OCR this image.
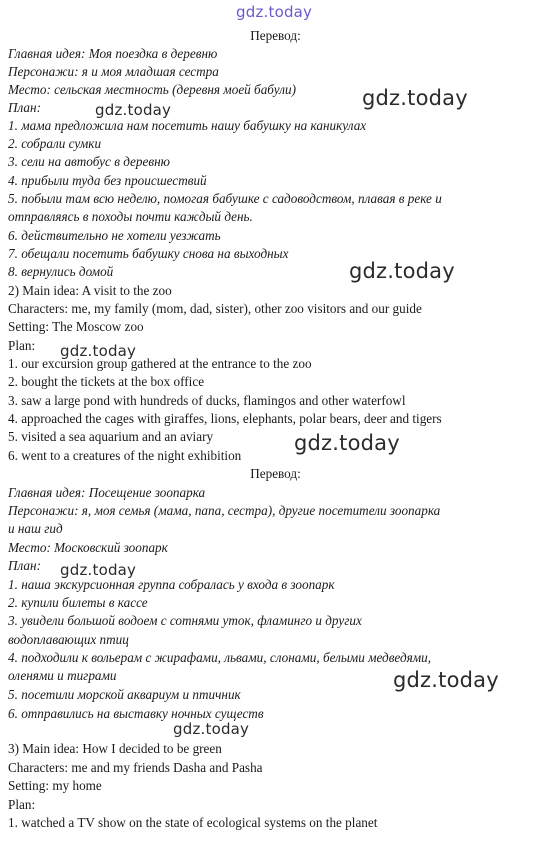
gdz.today
Перевод:
Главная идея: Моя поездка в деревню
Персонажи: я и моя младшая сестра
Место: сельская местность (деревня моей бабули)
План:
1. мама предложила нам посетить нашу бабушку на каникулах
2. собрали сумки
3. сели на автобус в деревню
4. прибыли туда без происшествий
5. побыли там всю неделю, помогая бабушке с садоводством, плавая в реке и
отправляясь в походы почти каждый день.
6. действительно не хотели уезжать
7. обещали посетить бабушку снова на выходных
8. вернулись домой
2) Main idea: A visit to the zoo
Characters: me, my family (mom, dad, sister), other zoo visitors and our guide
Setting: The Moscow zoo
Plan:
1. our excursion group gathered at the entrance to the zoo
2. bought the tickets at the box office
3. saw a large pond with hundreds of ducks, flamingos and other waterfowl
4. approached the cages with giraffes, lions, elephants, polar bears, deer and tigers
5. visited a sea aquarium and an aviary
6. went to a creatures of the night exhibition
Перевод:
Главная идея: Посещение зоопарка
Персонажи: я, моя семья (мама, папа, сестра), другие посетители зоопарка
и наш гид
Место: Московский зоопарк
План:
1. наша экскурсионная группа собралась у входа в зоопарк
2. купили билеты в кассе
3. увидели большой водоем с сотнями уток, фламинго и других
водоплавающих птиц
4. подходили к вольерам с жирафами, львами, слонами, белыми медведями,
оленями и тиграми
5. посетили морской аквариум и птичник
6. отправились на выставку ночных существ
3) Main idea: How I decided to be green
Characters: me and my friends Dasha and Pasha
Setting: my home
Plan:
1. watched a TV show on the state of ecological systems on the planet
gdz.today
gdz.today
gdz.today
gdz.today
gdz.today
gdz.today
gdz.today
gdz.today
